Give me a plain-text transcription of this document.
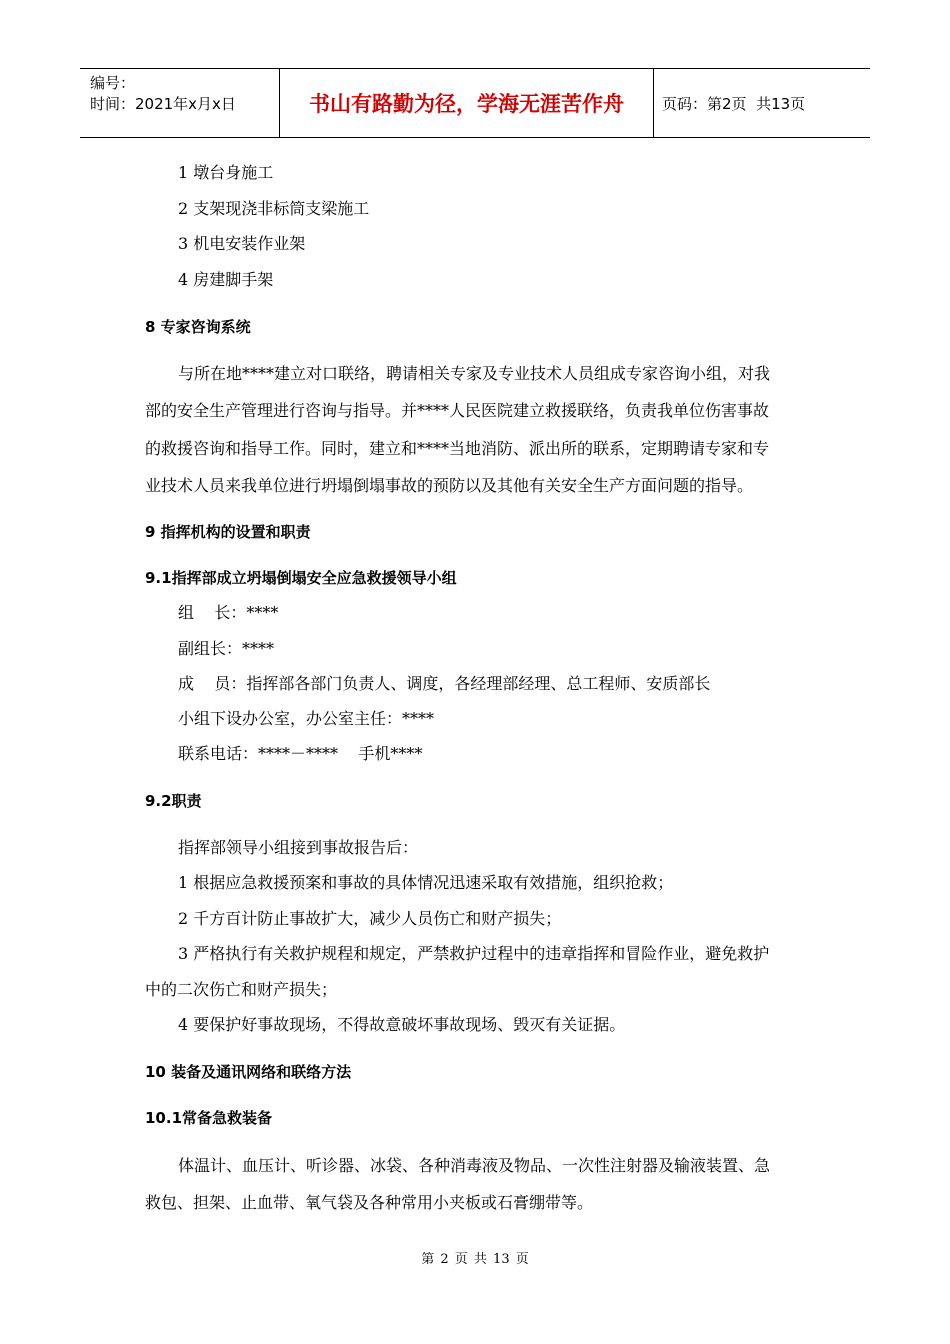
编号：
时间：2021年x月x日	书山有路勤为径，学海无涯苦作舟	页码：第2页  共13页
1 墩台身施工
2 支架现浇非标筒支梁施工
3 机电安装作业架
4 房建脚手架
8 专家咨询系统
与所在地****建立对口联络，聘请相关专家及专业技术人员组成专家咨询小组，对我
部的安全生产管理进行咨询与指导。并****人民医院建立救援联络，负责我单位伤害事故
的救援咨询和指导工作。同时，建立和****当地消防、派出所的联系，定期聘请专家和专
业技术人员来我单位进行坍塌倒塌事故的预防以及其他有关安全生产方面问题的指导。
9 指挥机构的设置和职责
9.1指挥部成立坍塌倒塌安全应急救援领导小组
组    长：****
副组长：****
成    员：指挥部各部门负责人、调度，各经理部经理、总工程师、安质部长
小组下设办公室，办公室主任：****
联系电话：****－****    手机****
9.2职责
指挥部领导小组接到事故报告后：
1 根据应急救援预案和事故的具体情况迅速采取有效措施，组织抢救；
2 千方百计防止事故扩大，减少人员伤亡和财产损失；
3 严格执行有关救护规程和规定，严禁救护过程中的违章指挥和冒险作业，避免救护
中的二次伤亡和财产损失；
4 要保护好事故现场，不得故意破坏事故现场、毁灭有关证据。
10 装备及通讯网络和联络方法
10.1常备急救装备
体温计、血压计、听诊器、冰袋、各种消毒液及物品、一次性注射器及输液装置、急
救包、担架、止血带、氧气袋及各种常用小夹板或石膏绷带等。
第 2 页 共 13 页
